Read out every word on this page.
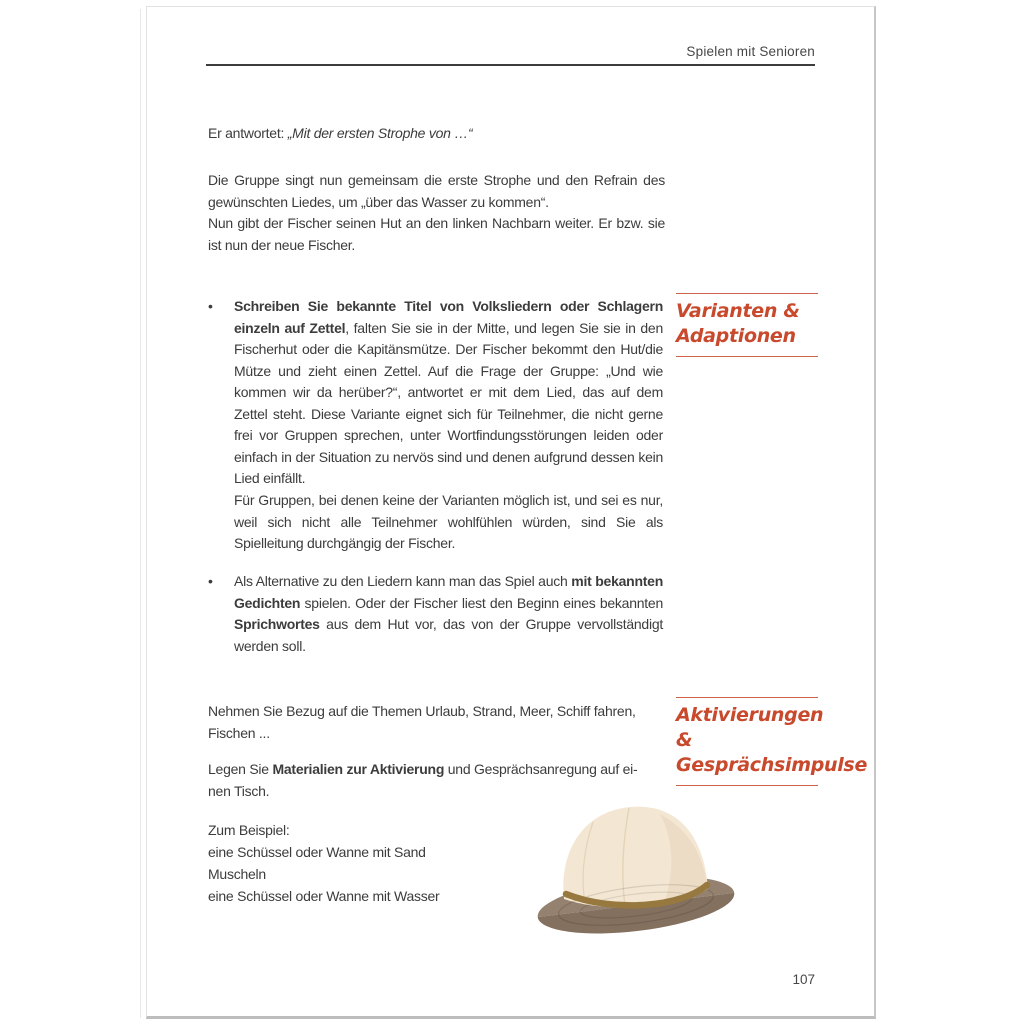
Spielen mit Senioren
Er antwortet: „Mit der ersten Strophe von …“
Die Gruppe singt nun gemeinsam die erste Strophe und den Refrain des gewünschten Liedes, um „über das Wasser zu kommen“.
Nun gibt der Fischer seinen Hut an den linken Nachbarn weiter. Er bzw. sie ist nun der neue Fischer.
•	Schreiben Sie bekannte Titel von Volksliedern oder Schlagern einzeln auf Zettel, falten Sie sie in der Mitte, und legen Sie sie in den Fischerhut oder die Kapitänsmütze. Der Fischer bekommt den Hut/die Mütze und zieht einen Zettel. Auf die Frage der Gruppe: „Und wie kommen wir da herüber?“, antwortet er mit dem Lied, das auf dem Zettel steht. Diese Variante eignet sich für Teilnehmer, die nicht gerne frei vor Gruppen sprechen, unter Wortfindungsstörungen leiden oder einfach in der Situation zu nervös sind und denen aufgrund dessen kein Lied einfällt.
Für Gruppen, bei denen keine der Varianten möglich ist, und sei es nur, weil sich nicht alle Teilnehmer wohlfühlen würden, sind Sie als Spielleitung durchgängig der Fischer.
•	Als Alternative zu den Liedern kann man das Spiel auch mit bekannten Gedichten spielen. Oder der Fischer liest den Beginn eines bekannten Sprichwortes aus dem Hut vor, das von der Gruppe vervollständigt werden soll.
Varianten &
Adaptionen
Aktivierungen &
Gesprächsimpulse
Nehmen Sie Bezug auf die Themen Urlaub, Strand, Meer, Schiff fahren,
Fischen ...
Legen Sie Materialien zur Aktivierung und Gesprächsanregung auf ei-
nen Tisch.
Zum Beispiel:
eine Schüssel oder Wanne mit Sand
Muscheln
eine Schüssel oder Wanne mit Wasser
107
